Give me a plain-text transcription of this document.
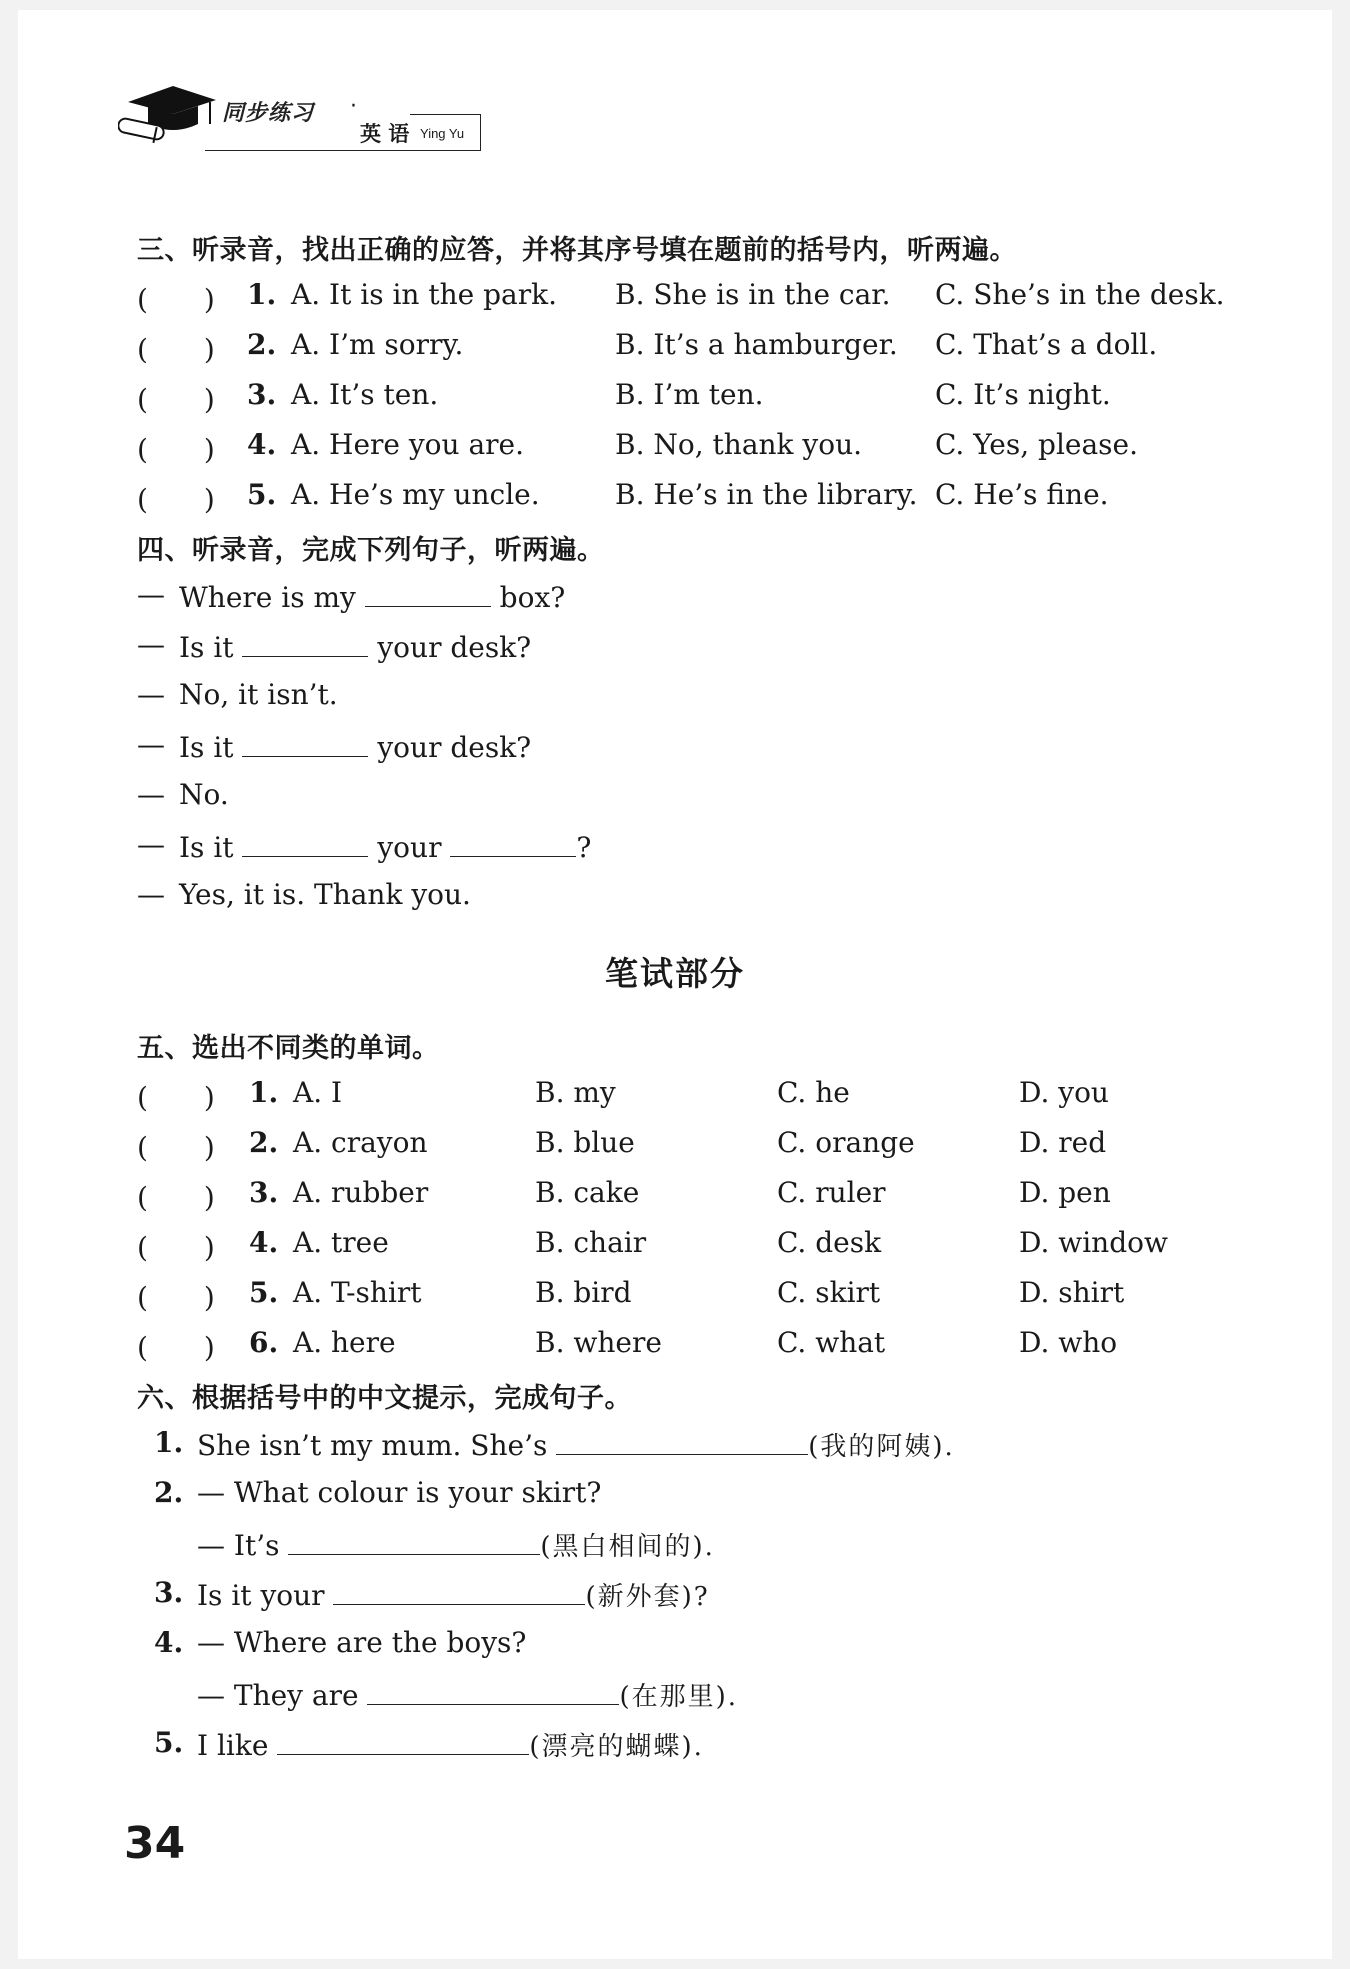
同步练习 ·
英 语 Ying Yu
三、听录音，找出正确的应答，并将其序号填在题前的括号内，听两遍。
(　　) 1. A. It is in the park. B. She is in the car. C. She’s in the desk.
(　　) 2. A. I’m sorry.	B. It’s a hamburger. C. That’s a doll.
(　　) 3. A. It’s ten.	B. I’m ten.	C. It’s night.
(　　) 4. A. Here you are.	B. No, thank you.	C. Yes, please.
(　　) 5. A. He’s my uncle.	B. He’s in the library. C. He’s fine.
四、听录音，完成下列句子，听两遍。
— Where is my	box?
— Is it	your desk?
— No, it isn’t.
— Is it	your desk?
— No.
— Is it	your	?
— Yes, it is. Thank you.
笔试部分
五、选出不同类的单词。
(　　) 1. A. I	B. my	C. he	D. you
(　　) 2. A. crayon	B. blue	C. orange	D. red
(　　) 3. A. rubber	B. cake	C. ruler	D. pen
(　　) 4. A. tree	B. chair	C. desk	D. window
(　　) 5. A. T-shirt	B. bird	C. skirt	D. shirt
(　　) 6. A. here	B. where	C. what	D. who
六、根据括号中的中文提示，完成句子。
1. She isn’t my mum. She’s	(我的阿姨).
2. — What colour is your skirt?
— It’s	(黑白相间的).
3. Is it your	(新外套)?
4. — Where are the boys?
— They are	(在那里).
5. I like	(漂亮的蝴蝶).
34
